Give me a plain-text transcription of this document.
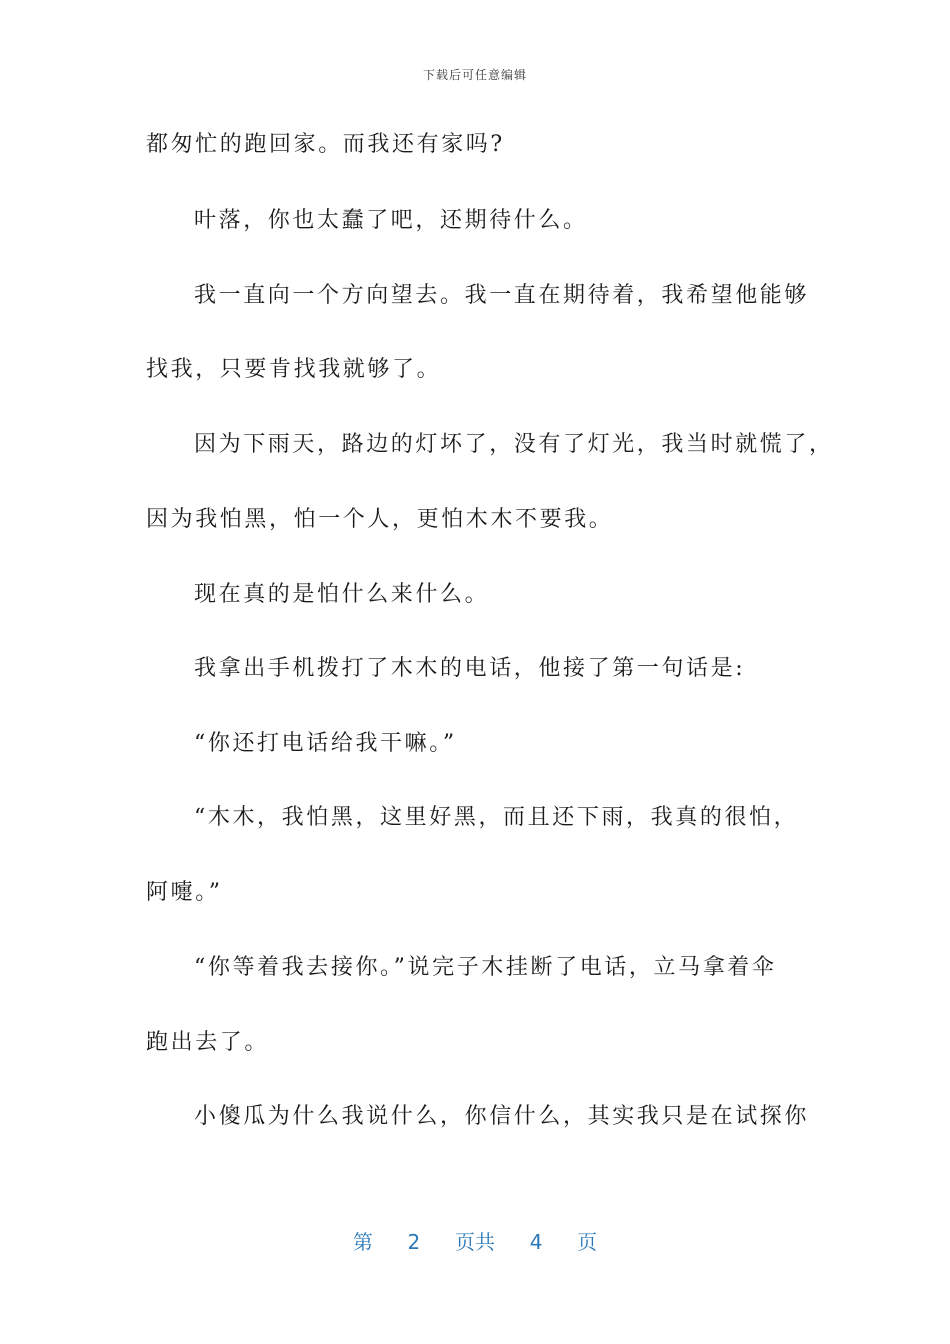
下载后可任意编辑
都匆忙的跑回家。而我还有家吗?
叶落，你也太蠢了吧，还期待什么。
我一直向一个方向望去。我一直在期待着，我希望他能够
找我，只要肯找我就够了。
因为下雨天，路边的灯坏了，没有了灯光，我当时就慌了，
因为我怕黑，怕一个人，更怕木木不要我。
现在真的是怕什么来什么。
我拿出手机拨打了木木的电话，他接了第一句话是:
“你还打电话给我干嘛。”
“木木，我怕黑，这里好黑，而且还下雨，我真的很怕，
阿嚏。”
“你等着我去接你。”说完子木挂断了电话，立马拿着伞
跑出去了。
小傻瓜为什么我说什么，你信什么，其实我只是在试探你
第 2 页共 4 页
